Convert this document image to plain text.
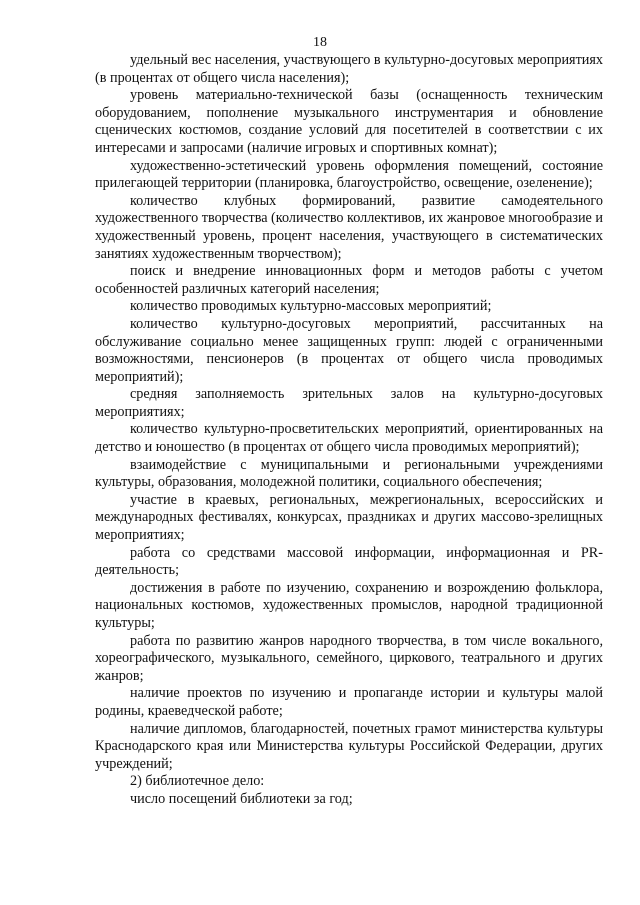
18

удельный вес населения, участвующего в культурно-досуговых мероприятиях (в процентах от общего числа населения);

уровень материально-технической базы (оснащенность техническим оборудованием, пополнение музыкального инструментария и обновление сценических костюмов, создание условий для посетителей в соответствии с их интересами и запросами (наличие игровых и спортивных комнат);

художественно-эстетический уровень оформления помещений, состояние прилегающей территории (планировка, благоустройство, освещение, озеленение);

количество клубных формирований, развитие самодеятельного художественного творчества (количество коллективов, их жанровое многообразие и художественный уровень, процент населения, участвующего в систематических занятиях художественным творчеством);

поиск и внедрение инновационных форм и методов работы с учетом особенностей различных категорий населения;

количество проводимых культурно-массовых мероприятий;

количество культурно-досуговых мероприятий, рассчитанных на обслуживание социально менее защищенных групп: людей с ограниченными возможностями, пенсионеров (в процентах от общего числа проводимых мероприятий);

средняя заполняемость зрительных залов на культурно-досуговых мероприятиях;

количество культурно-просветительских мероприятий, ориентированных на детство и юношество (в процентах от общего числа проводимых мероприятий);

взаимодействие с муниципальными и региональными учреждениями культуры, образования, молодежной политики, социального обеспечения;

участие в краевых, региональных, межрегиональных, всероссийских и международных фестивалях, конкурсах, праздниках и других массово-зрелищных мероприятиях;

работа со средствами массовой информации, информационная и PR-деятельность;

достижения в работе по изучению, сохранению и возрождению фольклора, национальных костюмов, художественных промыслов, народной традиционной культуры;

работа по развитию жанров народного творчества, в том числе вокального, хореографического, музыкального, семейного, циркового, театрального и других жанров;

наличие проектов по изучению и пропаганде истории и культуры малой родины, краеведческой работе;

наличие дипломов, благодарностей, почетных грамот министерства культуры Краснодарского края или Министерства культуры Российской Федерации, других учреждений;

2) библиотечное дело:

число посещений библиотеки за год;
